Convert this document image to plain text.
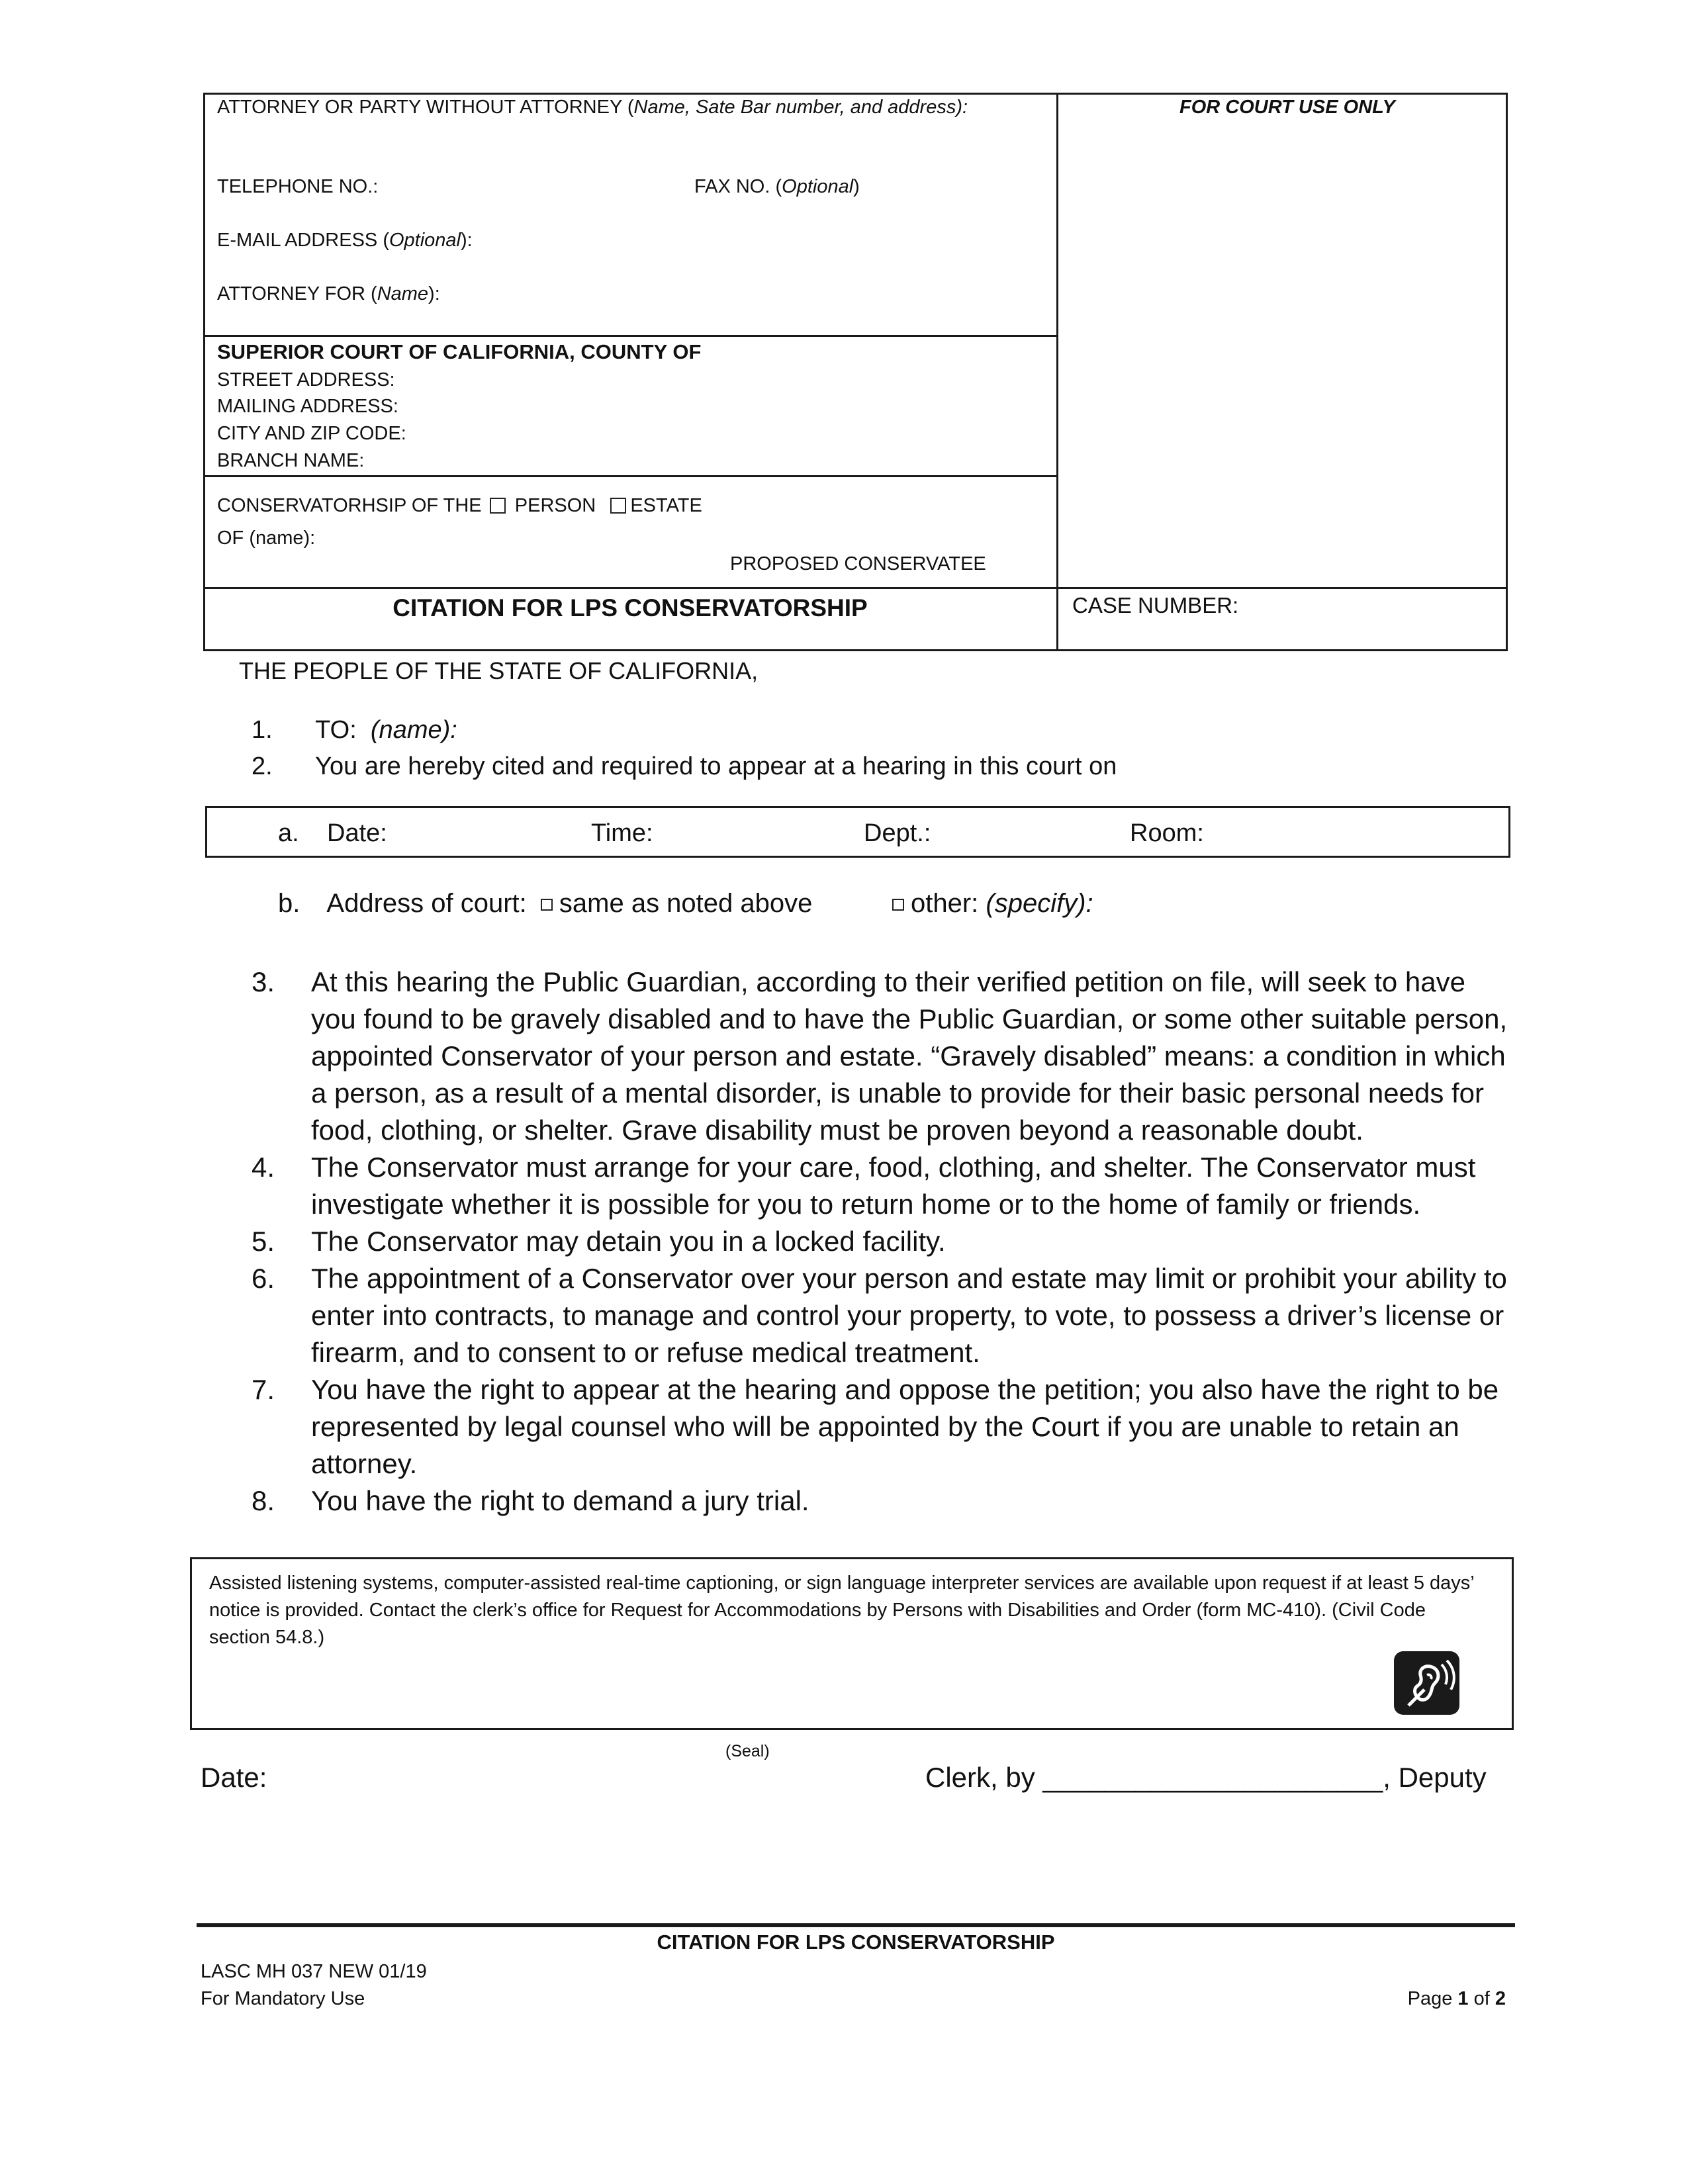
ATTORNEY OR PARTY WITHOUT ATTORNEY (Name, Sate Bar number, and address):	FOR COURT USE ONLY
TELEPHONE NO.:	FAX NO. (Optional)
E-MAIL ADDRESS (Optional):
ATTORNEY FOR (Name):
SUPERIOR COURT OF CALIFORNIA, COUNTY OF
STREET ADDRESS:
MAILING ADDRESS:
CITY AND ZIP CODE:
BRANCH NAME:
CONSERVATORHSIP OF THE PERSON ESTATE
OF (name):
PROPOSED CONSERVATEE
CITATION FOR LPS CONSERVATORSHIP	CASE NUMBER:
THE PEOPLE OF THE STATE OF CALIFORNIA,
1. TO: (name):
2. You are hereby cited and required to appear at a hearing in this court on
a. Date:	Time:	Dept.:	Room:
b. Address of court: same as noted above	other: (specify):
3. At this hearing the Public Guardian, according to their verified petition on file, will seek to have you found to be gravely disabled and to have the Public Guardian, or some other suitable person, appointed Conservator of your person and estate. “Gravely disabled” means: a condition in which a person, as a result of a mental disorder, is unable to provide for their basic personal needs for food, clothing, or shelter. Grave disability must be proven beyond a reasonable doubt.
4. The Conservator must arrange for your care, food, clothing, and shelter. The Conservator must investigate whether it is possible for you to return home or to the home of family or friends.
5. The Conservator may detain you in a locked facility.
6. The appointment of a Conservator over your person and estate may limit or prohibit your ability to enter into contracts, to manage and control your property, to vote, to possess a driver’s license or firearm, and to consent to or refuse medical treatment.
7. You have the right to appear at the hearing and oppose the petition; you also have the right to be represented by legal counsel who will be appointed by the Court if you are unable to retain an attorney.
8. You have the right to demand a jury trial.
Assisted listening systems, computer-assisted real-time captioning, or sign language interpreter services are available upon request if at least 5 days’ notice is provided. Contact the clerk’s office for Request for Accommodations by Persons with Disabilities and Order (form MC-410). (Civil Code section 54.8.)
(Seal)
Date:	Clerk, by ______________________, Deputy
CITATION FOR LPS CONSERVATORSHIP
LASC MH 037 NEW 01/19
For Mandatory Use	Page 1 of 2
